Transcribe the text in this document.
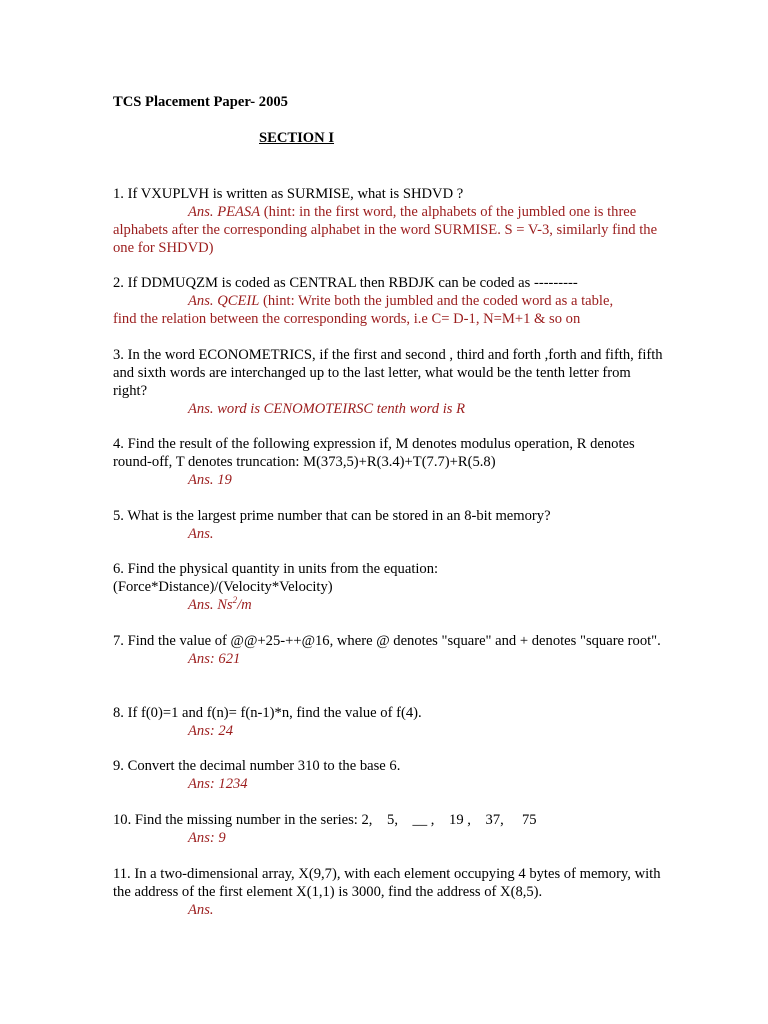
TCS Placement Paper- 2005
SECTION I
1. If VXUPLVH is written as SURMISE, what is SHDVD ?
Ans. PEASA (hint: in the first word, the alphabets of the jumbled one is three
alphabets after the corresponding alphabet in the word SURMISE. S = V-3, similarly find the one for SHDVD)
2. If DDMUQZM is coded as CENTRAL then RBDJK can be coded as ---------
Ans. QCEIL (hint: Write both the jumbled and the coded word as a table,
find the relation between the corresponding words, i.e C= D-1, N=M+1 & so on
3. In the word ECONOMETRICS, if the first and second , third and forth ,forth and fifth, fifth and sixth words are interchanged up to the last letter, what would be the tenth letter from right?
Ans. word is CENOMOTEIRSC tenth word is R
4. Find the result of the following expression if, M denotes modulus operation, R denotes round-off, T denotes truncation: M(373,5)+R(3.4)+T(7.7)+R(5.8)
Ans. 19
5. What is the largest prime number that can be stored in an 8-bit memory?
Ans.
6. Find the physical quantity in units from the equation:
(Force*Distance)/(Velocity*Velocity)
Ans. Ns$^2$/m
7. Find the value of @@+25-++@16, where @ denotes "square" and + denotes "square root".
Ans: 621
8. If f(0)=1 and f(n)= f(n-1)*n, find the value of f(4).
Ans: 24
9. Convert the decimal number 310 to the base 6.
Ans: 1234
10. Find the missing number in the series: 2,    5,    __ ,    19 ,    37,     75
Ans: 9
11. In a two-dimensional array, X(9,7), with each element occupying 4 bytes of memory, with the address of the first element X(1,1) is 3000, find the address of X(8,5).
Ans.
